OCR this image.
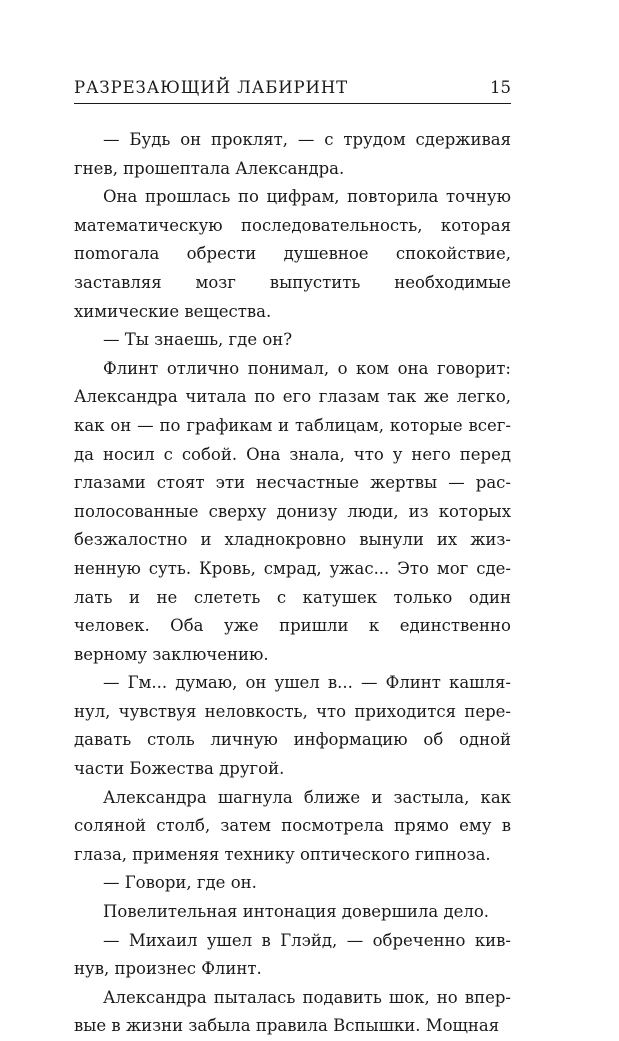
РАЗРЕЗАЮЩИЙ ЛАБИРИНТ	15

— Будь он проклят, — с трудом сдерживая гнев, прошептала Александра.

Она прошлась по цифрам, повторила точную математическую последовательность, которая поmогала обрести душевное спокойствие, заставляя мозг выпустить необходимые химические вещества.

— Ты знаешь, где он?

Флинт отлично понимал, о ком она говорит: Александра читала по его глазам так же легко, как он — по графикам и таблицам, которые всегда носил с собой. Она знала, что у него перед глазами стоят эти несчастные жертвы — располосованные сверху донизу люди, из которых безжалостно и хладнокровно вынули их жизненную суть. Кровь, смрад, ужас... Это мог сделать и не слететь с катушек только один человек. Оба уже пришли к единственно верному заключению.

— Гм... думаю, он ушел в... — Флинт кашлянул, чувствуя неловкость, что приходится передавать столь личную информацию об одной части Божества другой.

Александра шагнула ближе и застыла, как соляной столб, затем посмотрела прямо ему в глаза, применяя технику оптического гипноза.

— Говори, где он.

Повелительная интонация довершила дело.

— Михаил ушел в Глэйд, — обреченно кивнув, произнес Флинт.

Александра пыталась подавить шок, но впервые в жизни забыла правила Вспышки. Мощная
